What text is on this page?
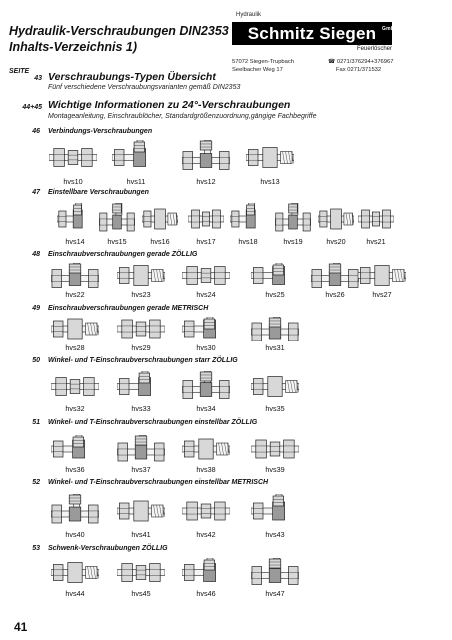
Hydraulik-Verschraubungen DIN2353
Inhalts-Verzeichnis 1)
Hydraulik
Schmitz Siegen GmbH
Feuerlöscher
57072 Siegen-Trupbach
Seelbacher Weg 17
☎ 0271/376294+376967
Fax 0271/371532
SEITE
43 Verschraubungs-Typen Übersicht
Fünf verschiedene Verschraubungsvarianten gemäß DIN2353
44+45 Wichtige Informationen zu 24°-Verschraubungen
Montageanleitung, Einschraublöcher, Standardgrößenzuordnung,gängige Fachbegriffe
46 Verbindungs-Verschraubungen
hvs10	hvs11	hvs12	hvs13
47 Einstellbare Verschraubungen
hvs14	hvs15	hvs16	hvs17	hvs18	hvs19	hvs20	hvs21
48 Einschraubverschraubungen gerade ZÖLLIG
hvs22	hvs23	hvs24	hvs25	hvs26	hvs27
49 Einschraubverschraubungen gerade METRISCH
hvs28	hvs29	hvs30	hvs31
50 Winkel- und T-Einschraubverschraubungen starr ZÖLLIG
hvs32	hvs33	hvs34	hvs35
51 Winkel- und T-Einschraubverschraubungen einstellbar ZÖLLIG
hvs36	hvs37	hvs38	hvs39
52 Winkel- und T-Einschraubverschraubungen einstellbar METRISCH
hvs40	hvs41	hvs42	hvs43
53 Schwenk-Verschraubungen ZÖLLIG
hvs44	hvs45	hvs46	hvs47
41
